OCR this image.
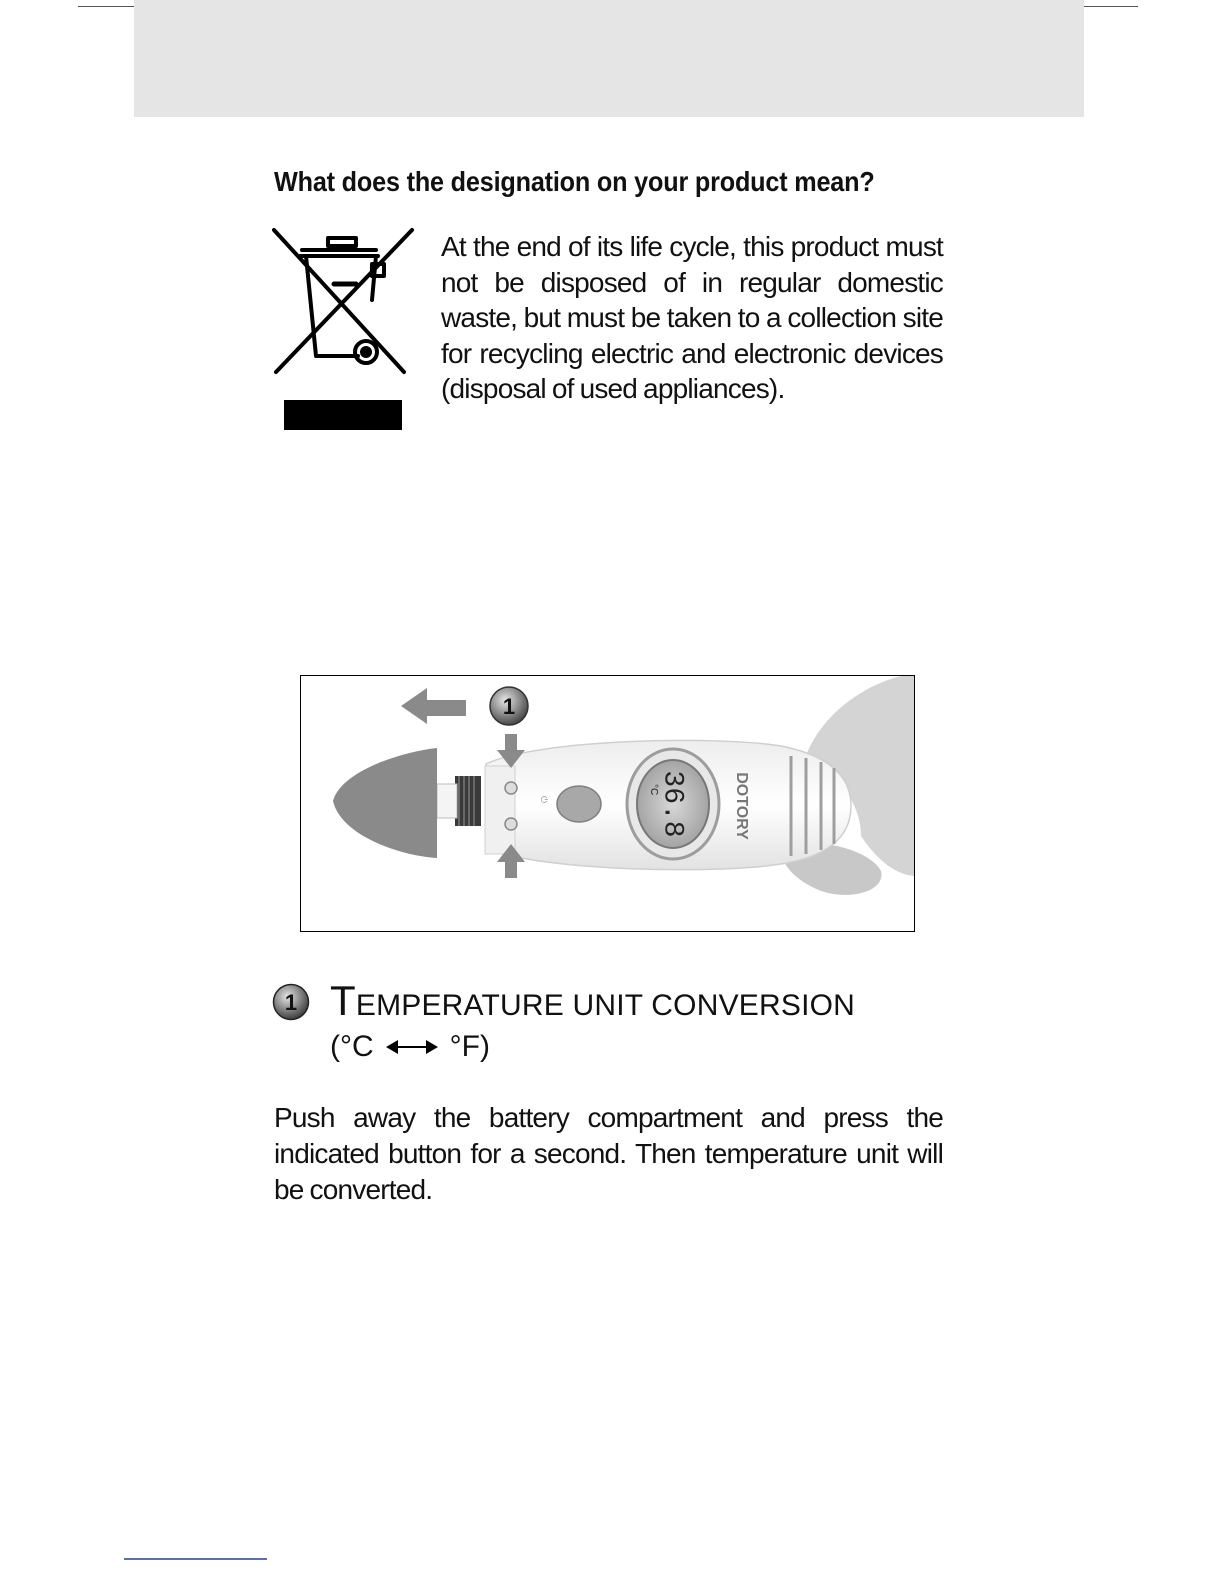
What does the designation on your product mean?
At the end of its life cycle, this product must not be disposed of in regular domestic waste, but must be taken to a collection site for recycling electric and electronic devices (disposal of used appliances).
DOTORY
36.8
°C
⏻
1
1 TEMPERATURE UNIT CONVERSION
(°C	°F)
Push away the battery compartment and press the indicated button for a second. Then temperature unit will be converted.
